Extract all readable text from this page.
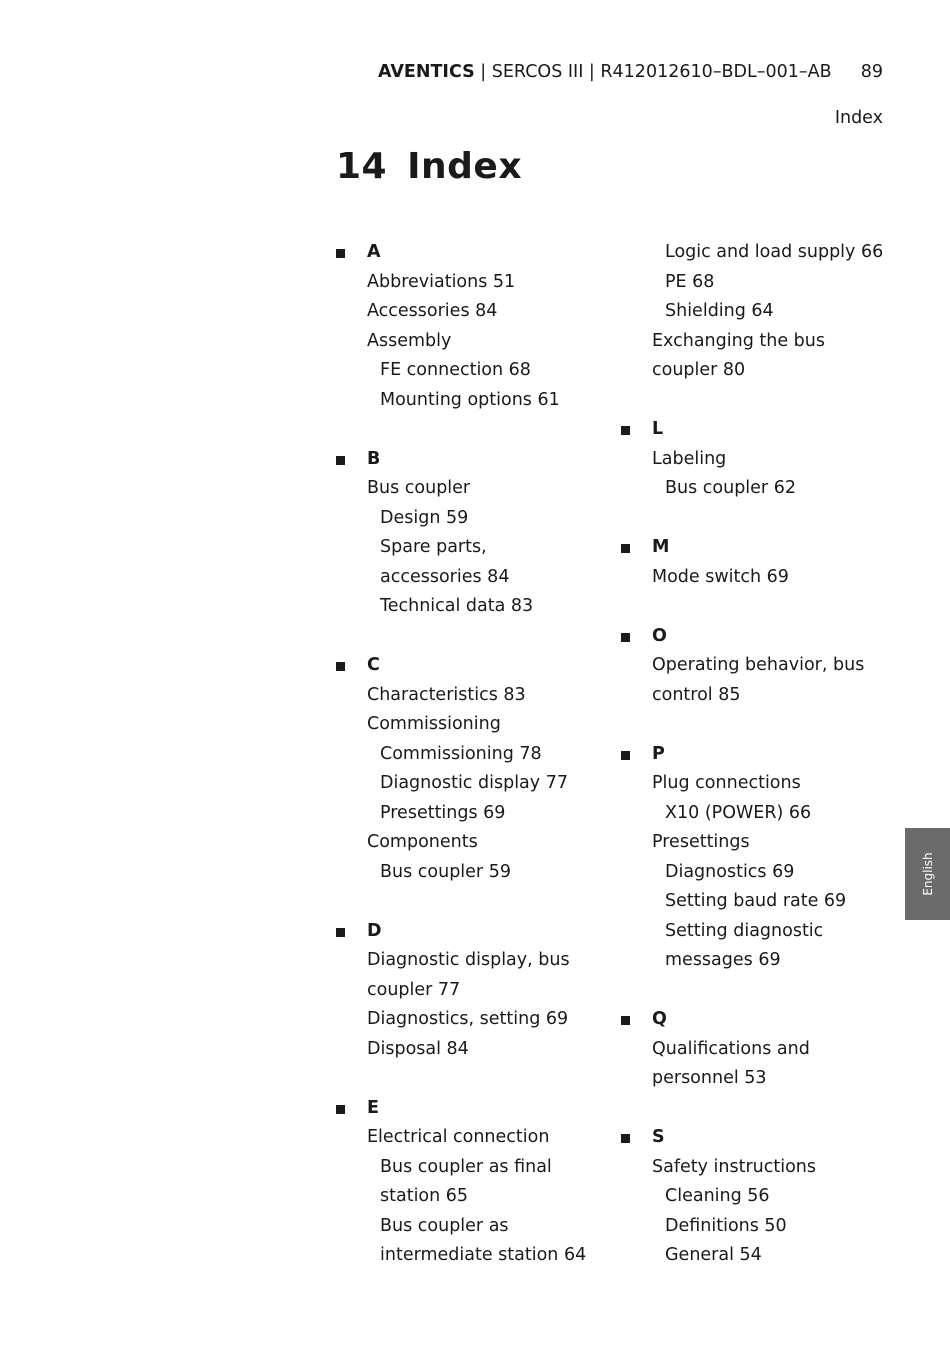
AVENTICS | SERCOS III | R412012610–BDL–001–AB 89
Index
14 Index
A
Abbreviations 51
Accessories 84
Assembly
FE connection 68
Mounting options 61
B
Bus coupler
Design 59
Spare parts,
accessories 84
Technical data 83
C
Characteristics 83
Commissioning
Commissioning 78
Diagnostic display 77
Presettings 69
Components
Bus coupler 59
D
Diagnostic display, bus
coupler 77
Diagnostics, setting 69
Disposal 84
E
Electrical connection
Bus coupler as final
station 65
Bus coupler as
intermediate station 64
Logic and load supply 66
PE 68
Shielding 64
Exchanging the bus
coupler 80
L
Labeling
Bus coupler 62
M
Mode switch 69
O
Operating behavior, bus
control 85
P
Plug connections
X10 (POWER) 66
Presettings
Diagnostics 69
Setting baud rate 69
Setting diagnostic
messages 69
Q
Qualifications and
personnel 53
S
Safety instructions
Cleaning 56
Definitions 50
General 54
English
